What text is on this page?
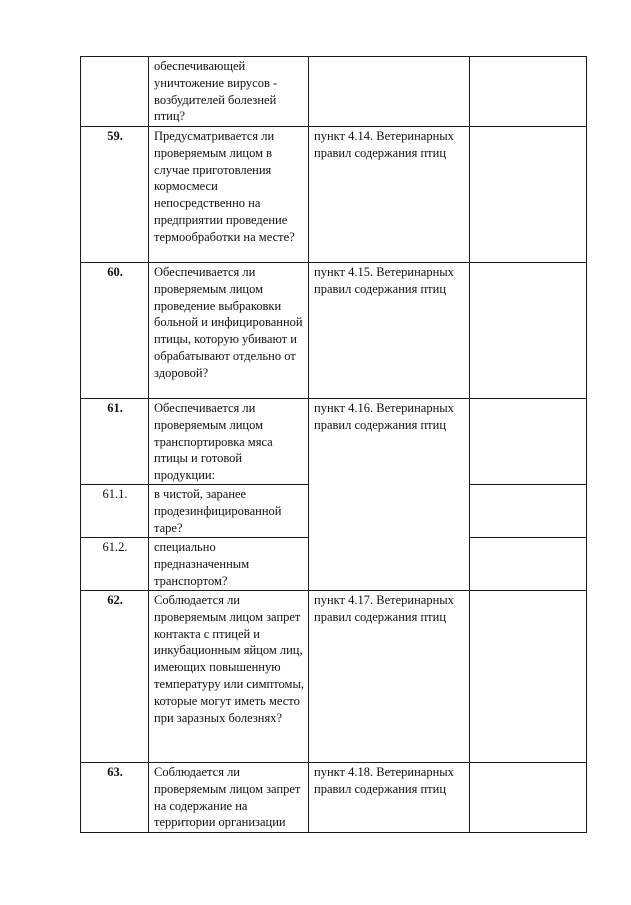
	обеспечивающей уничтожение вирусов - возбудителей болезней птиц?		
59.	Предусматривается ли проверяемым лицом в случае приготовления кормосмеси непосредственно на предприятии проведение термообработки на месте?	пункт 4.14. Ветеринарных правил содержания птиц	
60.	Обеспечивается ли проверяемым лицом проведение выбраковки больной и инфицированной птицы, которую убивают и обрабатывают отдельно от здоровой?	пункт 4.15. Ветеринарных правил содержания птиц	
61.	Обеспечивается ли проверяемым лицом транспортировка мяса птицы и готовой продукции:	пункт 4.16. Ветеринарных правил содержания птиц	
61.1.	в чистой, заранее продезинфицированной таре?		
61.2.	специально предназначенным транспортом?		
62.	Соблюдается ли проверяемым лицом запрет контакта с птицей и инкубационным яйцом лиц, имеющих повышенную температуру или симптомы, которые могут иметь место при заразных болезнях?	пункт 4.17. Ветеринарных правил содержания птиц	
63.	Соблюдается ли проверяемым лицом запрет на содержание на территории организации	пункт 4.18. Ветеринарных правил содержания птиц	
